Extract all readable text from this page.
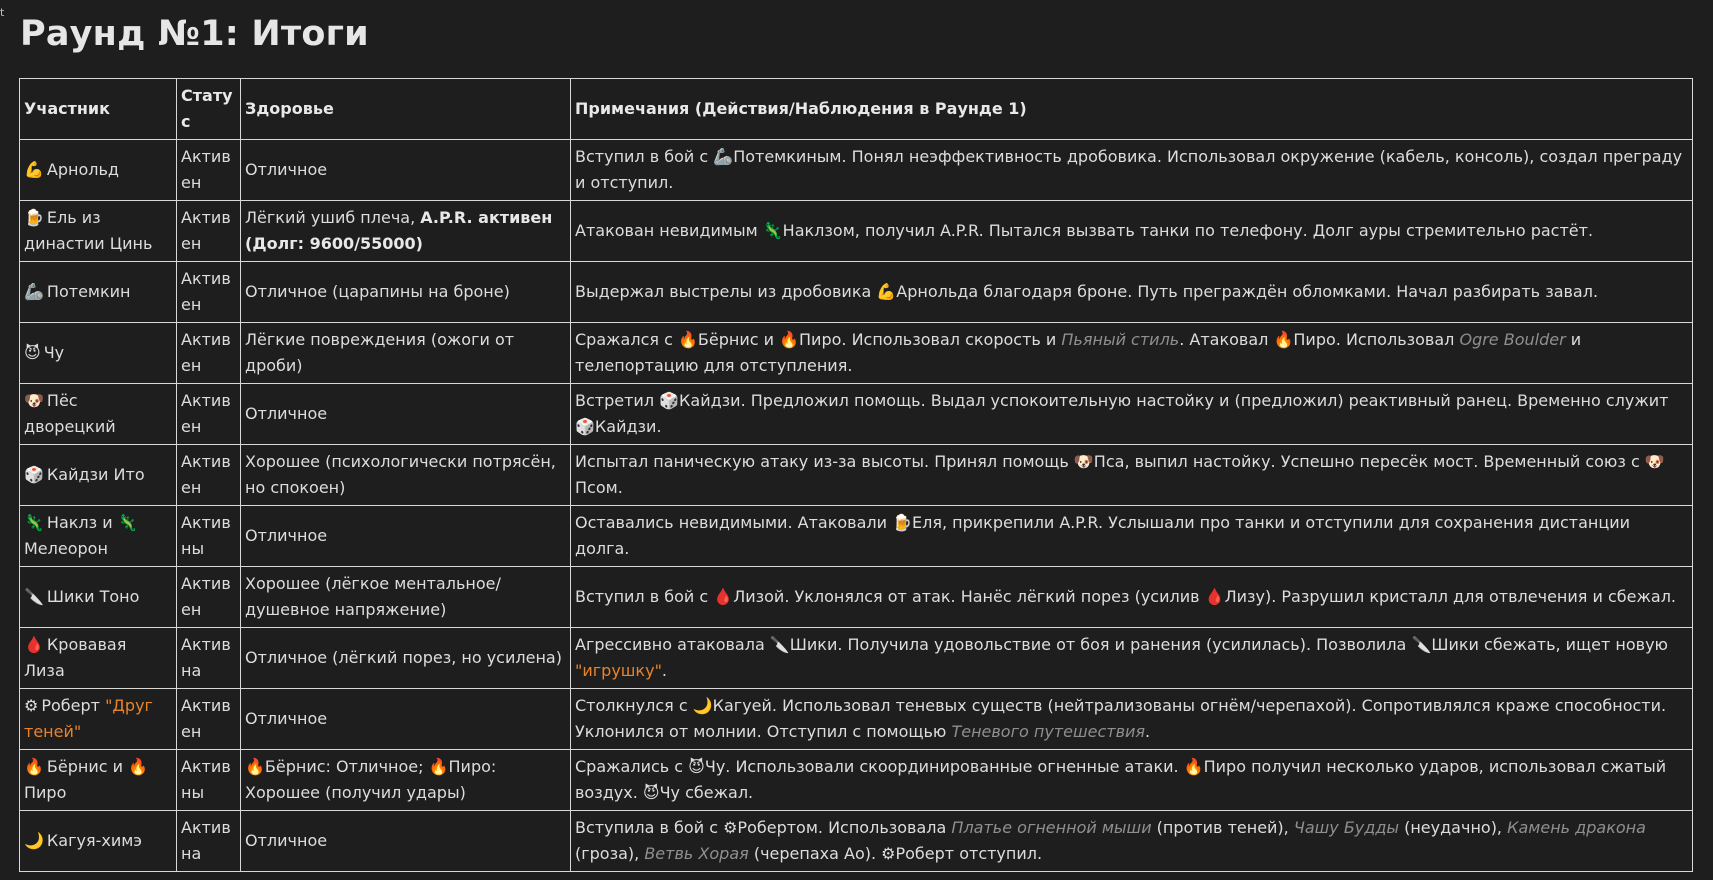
t
Раунд №1: Итоги
Участник	Статус	Здоровье	Примечания (Действия/Наблюдения в Раунде 1)
💪 Арнольд	Активен	Отличное	Вступил в бой с 🦾Потемкиным. Понял неэффективность дробовика. Использовал окружение (кабель, консоль), создал преграду и отступил.
🍺 Ель из династии Цинь	Активен	Лёгкий ушиб плеча, A.P.R. активен (Долг: 9600/55000)	Атакован невидимым 🦎Наклзом, получил A.P.R. Пытался вызвать танки по телефону. Долг ауры стремительно растёт.
🦾 Потемкин	Активен	Отличное (царапины на броне)	Выдержал выстрелы из дробовика 💪Арнольда благодаря броне. Путь преграждён обломками. Начал разбирать завал.
😈 Чу	Активен	Лёгкие повреждения (ожоги от дроби)	Сражался с 🔥Бёрнис и 🔥Пиро. Использовал скорость и Пьяный стиль. Атаковал 🔥Пиро. Использовал Ogre Boulder и телепортацию для отступления.
🐶 Пёс дворецкий	Активен	Отличное	Встретил 🎲Кайдзи. Предложил помощь. Выдал успокоительную настойку и (предложил) реактивный ранец. Временно служит 🎲Кайдзи.
🎲 Кайдзи Ито	Активен	Хорошее (психологически потрясён, но спокоен)	Испытал паническую атаку из-за высоты. Принял помощь 🐶Пса, выпил настойку. Успешно пересёк мост. Временный союз с 🐶Псом.
🦎 Наклз и 🦎 Мелеорон	Активны	Отличное	Оставались невидимыми. Атаковали 🍺Еля, прикрепили A.P.R. Услышали про танки и отступили для сохранения дистанции долга.
🔪 Шики Тоно	Активен	Хорошее (лёгкое ментальное/душевное напряжение)	Вступил в бой с 🩸Лизой. Уклонялся от атак. Нанёс лёгкий порез (усилив 🩸Лизу). Разрушил кристалл для отвлечения и сбежал.
🩸 Кровавая Лиза	Активна	Отличное (лёгкий порез, но усилена)	Агрессивно атаковала 🔪Шики. Получила удовольствие от боя и ранения (усилилась). Позволила 🔪Шики сбежать, ищет новую "игрушку".
⚙ Роберт "Друг теней"	Активен	Отличное	Столкнулся с 🌙Кагуей. Использовал теневых существ (нейтрализованы огнём/черепахой). Сопротивлялся краже способности. Уклонился от молнии. Отступил с помощью Теневого путешествия.
🔥 Бёрнис и 🔥 Пиро	Активны	🔥Бёрнис: Отличное; 🔥Пиро: Хорошее (получил удары)	Сражались с 😈Чу. Использовали скоординированные огненные атаки. 🔥Пиро получил несколько ударов, использовал сжатый воздух. 😈Чу сбежал.
🌙 Кагуя-химэ	Активна	Отличное	Вступила в бой с ⚙Робертом. Использовала Платье огненной мыши (против теней), Чашу Будды (неудачно), Камень дракона (гроза), Ветвь Хорая (черепаха Ао). ⚙Роберт отступил.
